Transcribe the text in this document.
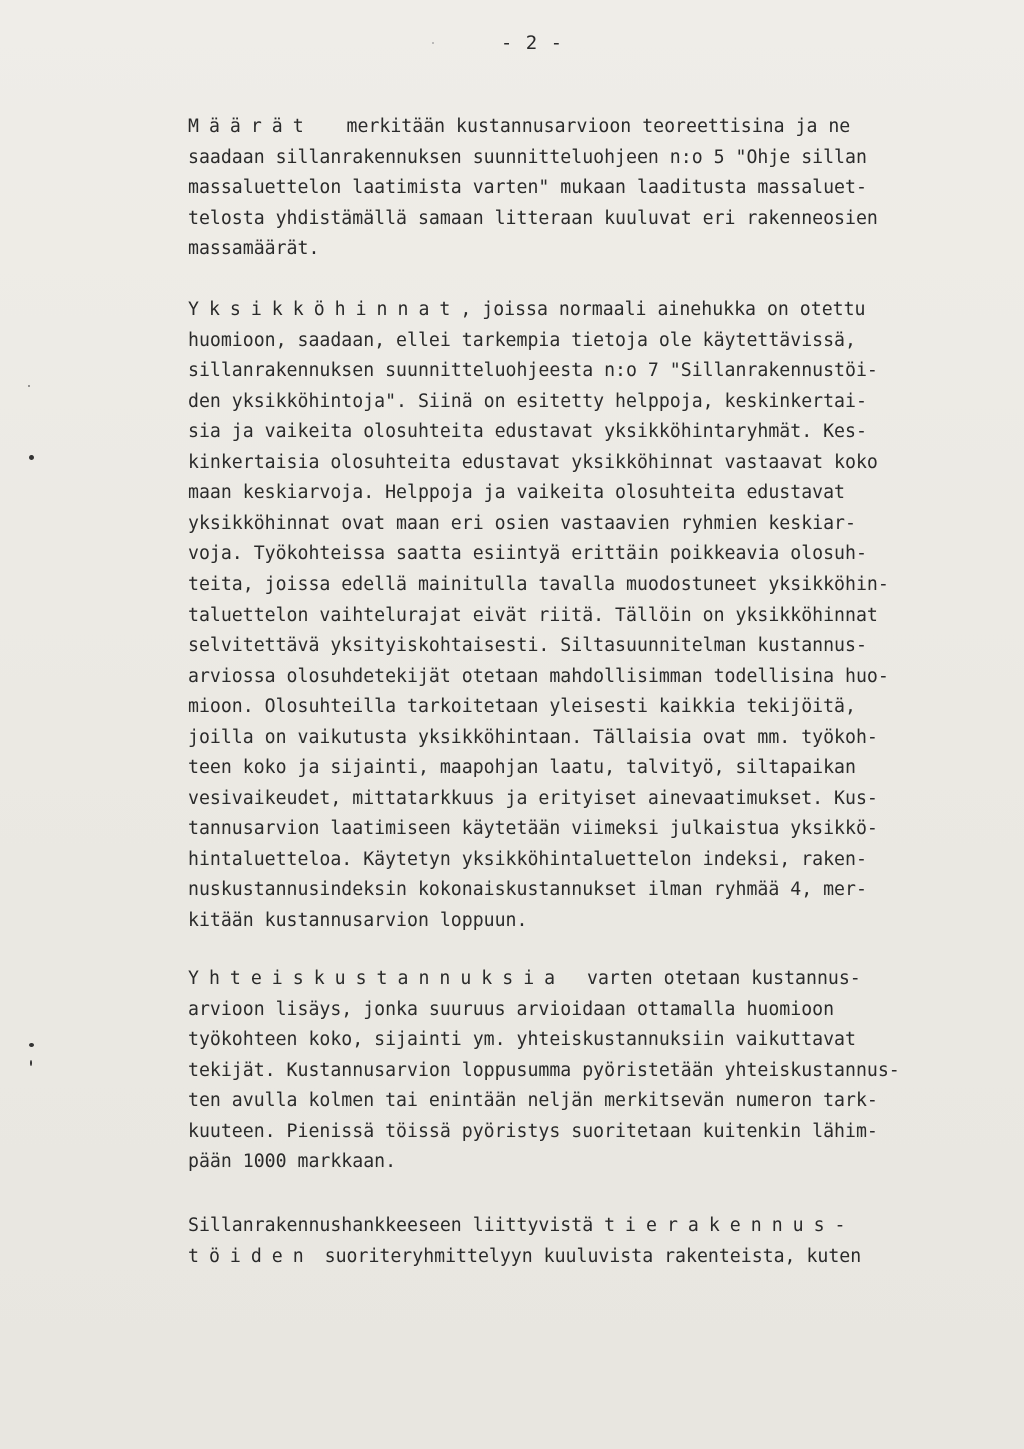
- 2 -
Määrät   merkitään kustannusarvioon teoreettisina ja ne
saadaan sillanrakennuksen suunnitteluohjeen n:o 5 "Ohje sillan
massaluettelon laatimista varten" mukaan laaditusta massaluet-
telosta yhdistämällä samaan litteraan kuuluvat eri rakenneosien
massamäärät.
Yksikköhinnat, joissa normaali ainehukka on otettu
huomioon, saadaan, ellei tarkempia tietoja ole käytettävissä,
sillanrakennuksen suunnitteluohjeesta n:o 7 "Sillanrakennustöi-
den yksikköhintoja". Siinä on esitetty helppoja, keskinkertai-
sia ja vaikeita olosuhteita edustavat yksikköhintaryhmät. Kes-
kinkertaisia olosuhteita edustavat yksikköhinnat vastaavat koko
maan keskiarvoja. Helppoja ja vaikeita olosuhteita edustavat
yksikköhinnat ovat maan eri osien vastaavien ryhmien keskiar-
voja. Työkohteissa saatta esiintyä erittäin poikkeavia olosuh-
teita, joissa edellä mainitulla tavalla muodostuneet yksikköhin-
taluettelon vaihtelurajat eivät riitä. Tällöin on yksikköhinnat
selvitettävä yksityiskohtaisesti. Siltasuunnitelman kustannus-
arviossa olosuhdetekijät otetaan mahdollisimman todellisina huo-
mioon. Olosuhteilla tarkoitetaan yleisesti kaikkia tekijöitä,
joilla on vaikutusta yksikköhintaan. Tällaisia ovat mm. työkoh-
teen koko ja sijainti, maapohjan laatu, talvityö, siltapaikan
vesivaikeudet, mittatarkkuus ja erityiset ainevaatimukset. Kus-
tannusarvion laatimiseen käytetään viimeksi julkaistua yksikkö-
hintaluetteloa. Käytetyn yksikköhintaluettelon indeksi, raken-
nuskustannusindeksin kokonaiskustannukset ilman ryhmää 4, mer-
kitään kustannusarvion loppuun.
Yhteiskustannuksia  varten otetaan kustannus-
arvioon lisäys, jonka suuruus arvioidaan ottamalla huomioon
työkohteen koko, sijainti ym. yhteiskustannuksiin vaikuttavat
tekijät. Kustannusarvion loppusumma pyöristetään yhteiskustannus-
ten avulla kolmen tai enintään neljän merkitsevän numeron tark-
kuuteen. Pienissä töissä pyöristys suoritetaan kuitenkin lähim-
pään 1000 markkaan.
Sillanrakennushankkeeseen liittyvistä tierakennus-
töiden suoriteryhmittelyyn kuuluvista rakenteista, kuten
